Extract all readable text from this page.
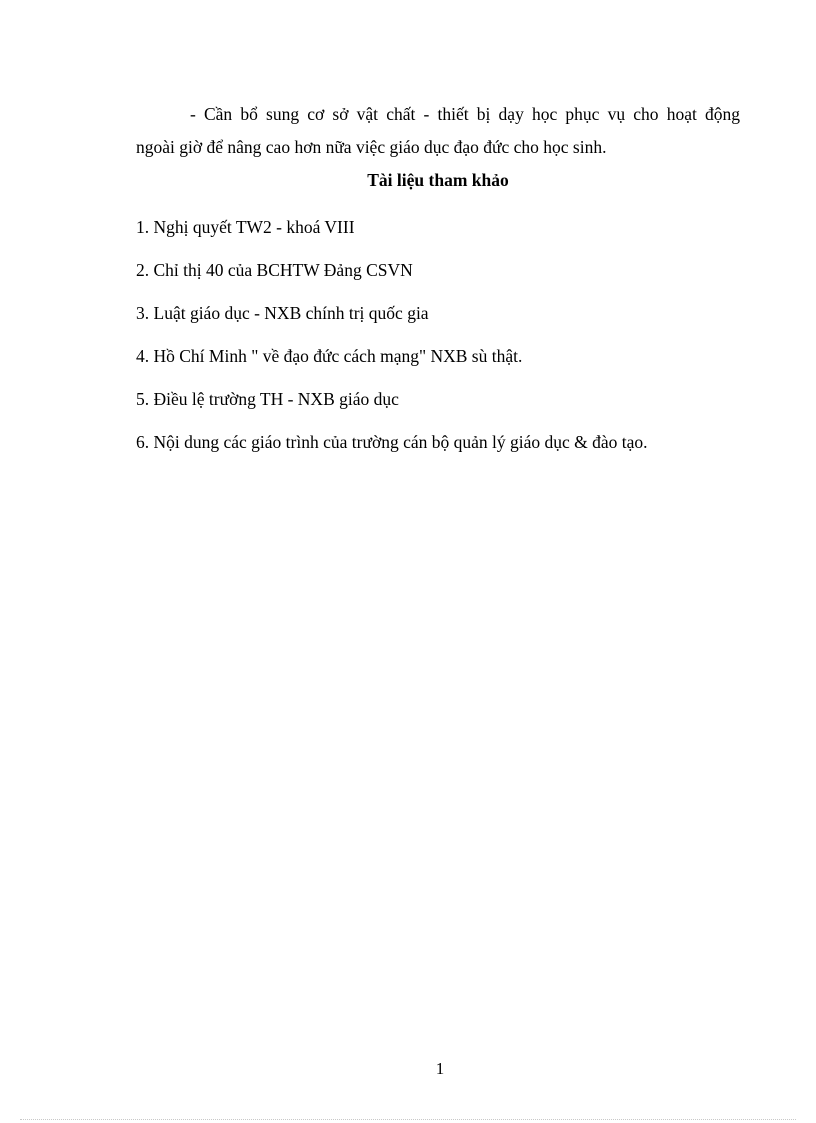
- Cần bổ sung cơ sở vật chất - thiết bị dạy học phục vụ cho hoạt động
ngoài giờ để nâng cao hơn nữa việc giáo dục đạo đức cho học sinh.
Tài liệu tham khảo
1. Nghị quyết TW2 - khoá VIII
2. Chỉ thị 40 của BCHTW Đảng CSVN
3. Luật giáo dục - NXB chính trị quốc gia
4. Hồ Chí Minh " về đạo đức cách mạng" NXB sù thật.
5. Điều lệ trường TH - NXB giáo dục
6. Nội dung các giáo trình của trường cán bộ quản lý giáo dục & đào tạo.
1
